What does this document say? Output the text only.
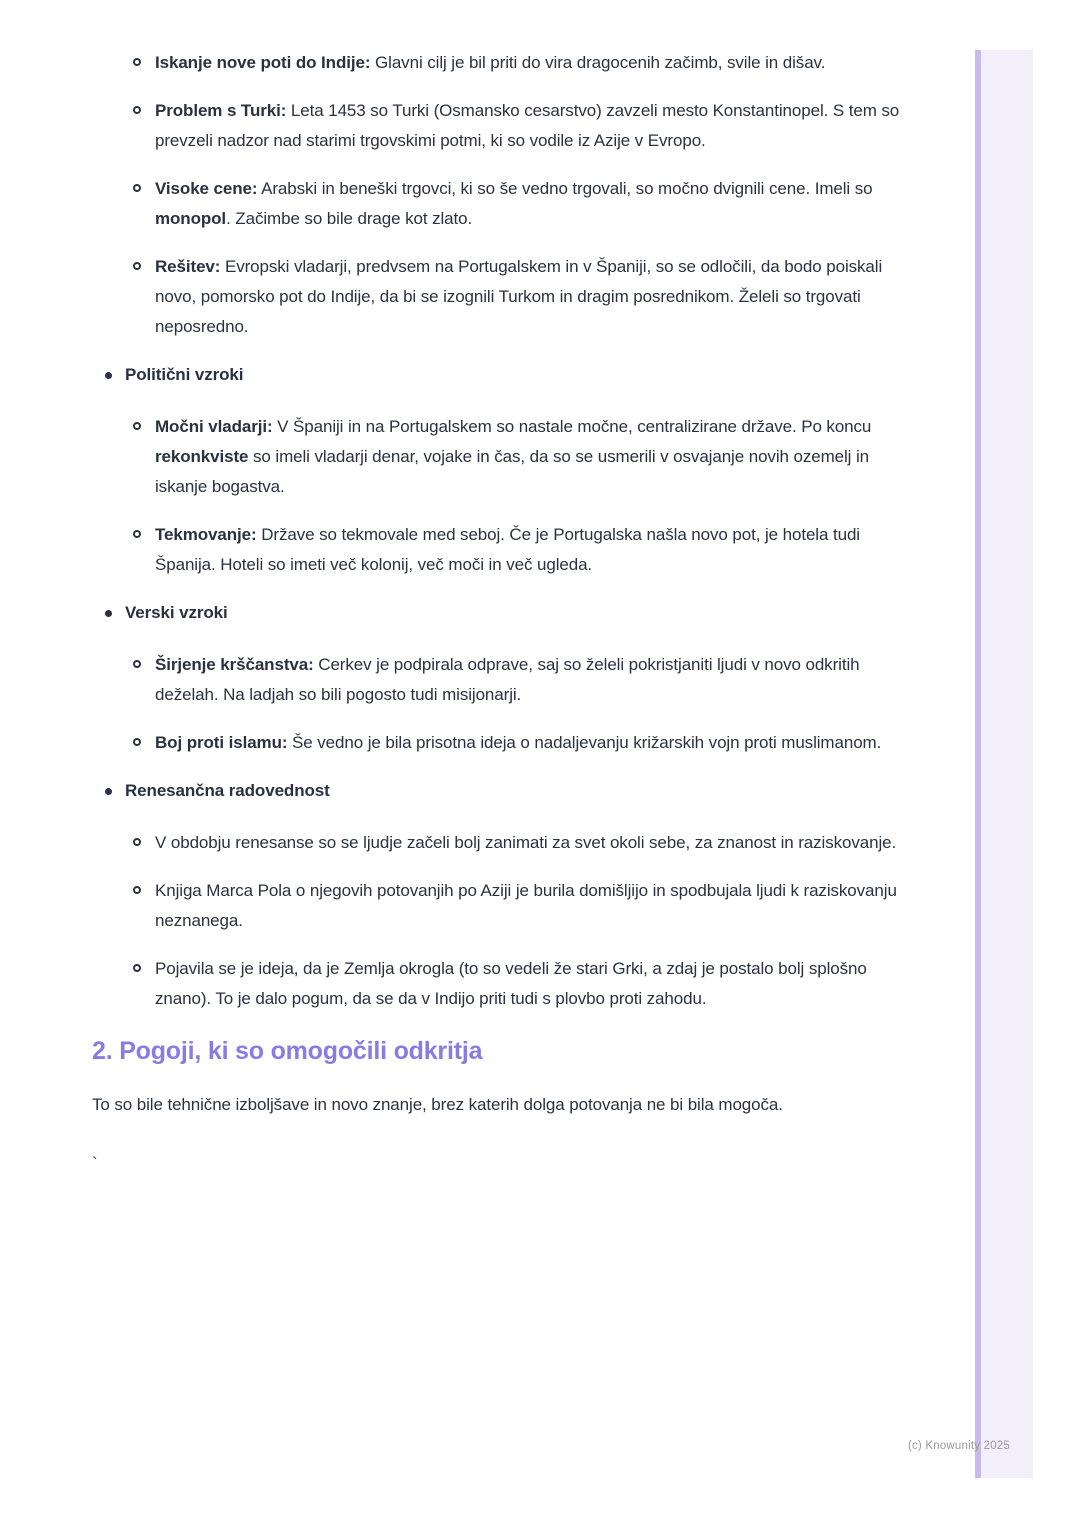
Iskanje nove poti do Indije: Glavni cilj je bil priti do vira dragocenih začimb, svile in dišav.
Problem s Turki: Leta 1453 so Turki (Osmansko cesarstvo) zavzeli mesto Konstantinopel. S tem so prevzeli nadzor nad starimi trgovskimi potmi, ki so vodile iz Azije v Evropo.
Visoke cene: Arabski in beneški trgovci, ki so še vedno trgovali, so močno dvignili cene. Imeli so monopol. Začimbe so bile drage kot zlato.
Rešitev: Evropski vladarji, predvsem na Portugalskem in v Španiji, so se odločili, da bodo poiskali novo, pomorsko pot do Indije, da bi se izognili Turkom in dragim posrednikom. Želeli so trgovati neposredno.
Politični vzroki
Močni vladarji: V Španiji in na Portugalskem so nastale močne, centralizirane države. Po koncu rekonkviste so imeli vladarji denar, vojake in čas, da so se usmerili v osvajanje novih ozemelj in iskanje bogastva.
Tekmovanje: Države so tekmovale med seboj. Če je Portugalska našla novo pot, je hotela tudi Španija. Hoteli so imeti več kolonij, več moči in več ugleda.
Verski vzroki
Širjenje krščanstva: Cerkev je podpirala odprave, saj so želeli pokristjaniti ljudi v novo odkritih deželah. Na ladjah so bili pogosto tudi misijonarji.
Boj proti islamu: Še vedno je bila prisotna ideja o nadaljevanju križarskih vojn proti muslimanom.
Renesančna radovednost
V obdobju renesanse so se ljudje začeli bolj zanimati za svet okoli sebe, za znanost in raziskovanje.
Knjiga Marca Pola o njegovih potovanjih po Aziji je burila domišljijo in spodbujala ljudi k raziskovanju neznanega.
Pojavila se je ideja, da je Zemlja okrogla (to so vedeli že stari Grki, a zdaj je postalo bolj splošno znano). To je dalo pogum, da se da v Indijo priti tudi s plovbo proti zahodu.
2. Pogoji, ki so omogočili odkritja

To so bile tehnične izboljšave in novo znanje, brez katerih dolga potovanja ne bi bila mogoča.

`
(c) Knowunity 2025
